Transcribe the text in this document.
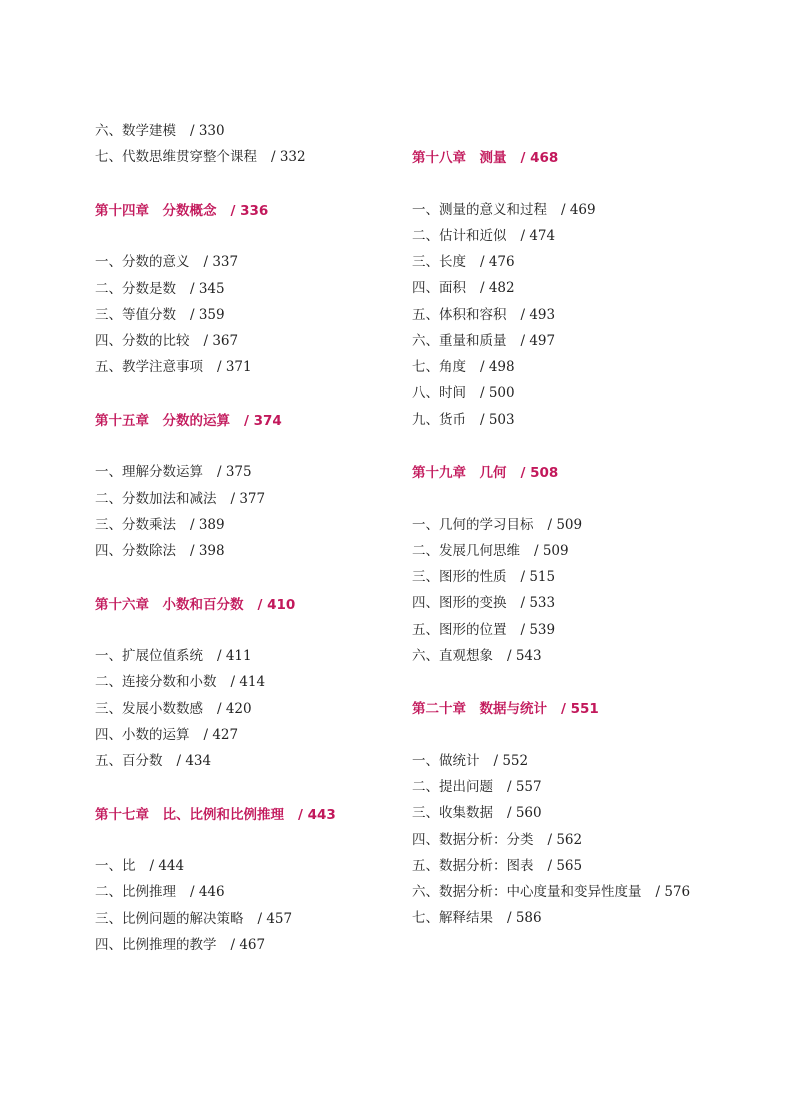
六、数学建模 / 330
七、代数思维贯穿整个课程 / 332
第十四章　分数概念 / 336
一、分数的意义 / 337
二、分数是数 / 345
三、等值分数 / 359
四、分数的比较 / 367
五、教学注意事项 / 371
第十五章　分数的运算 / 374
一、理解分数运算 / 375
二、分数加法和减法 / 377
三、分数乘法 / 389
四、分数除法 / 398
第十六章　小数和百分数 / 410
一、扩展位值系统 / 411
二、连接分数和小数 / 414
三、发展小数数感 / 420
四、小数的运算 / 427
五、百分数 / 434
第十七章　比、比例和比例推理 / 443
一、比 / 444
二、比例推理 / 446
三、比例问题的解决策略 / 457
四、比例推理的教学 / 467
第十八章　测量 / 468
一、测量的意义和过程 / 469
二、估计和近似 / 474
三、长度 / 476
四、面积 / 482
五、体积和容积 / 493
六、重量和质量 / 497
七、角度 / 498
八、时间 / 500
九、货币 / 503
第十九章　几何 / 508
一、几何的学习目标 / 509
二、发展几何思维 / 509
三、图形的性质 / 515
四、图形的变换 / 533
五、图形的位置 / 539
六、直观想象 / 543
第二十章　数据与统计 / 551
一、做统计 / 552
二、提出问题 / 557
三、收集数据 / 560
四、数据分析：分类 / 562
五、数据分析：图表 / 565
六、数据分析：中心度量和变异性度量 / 576
七、解释结果 / 586
